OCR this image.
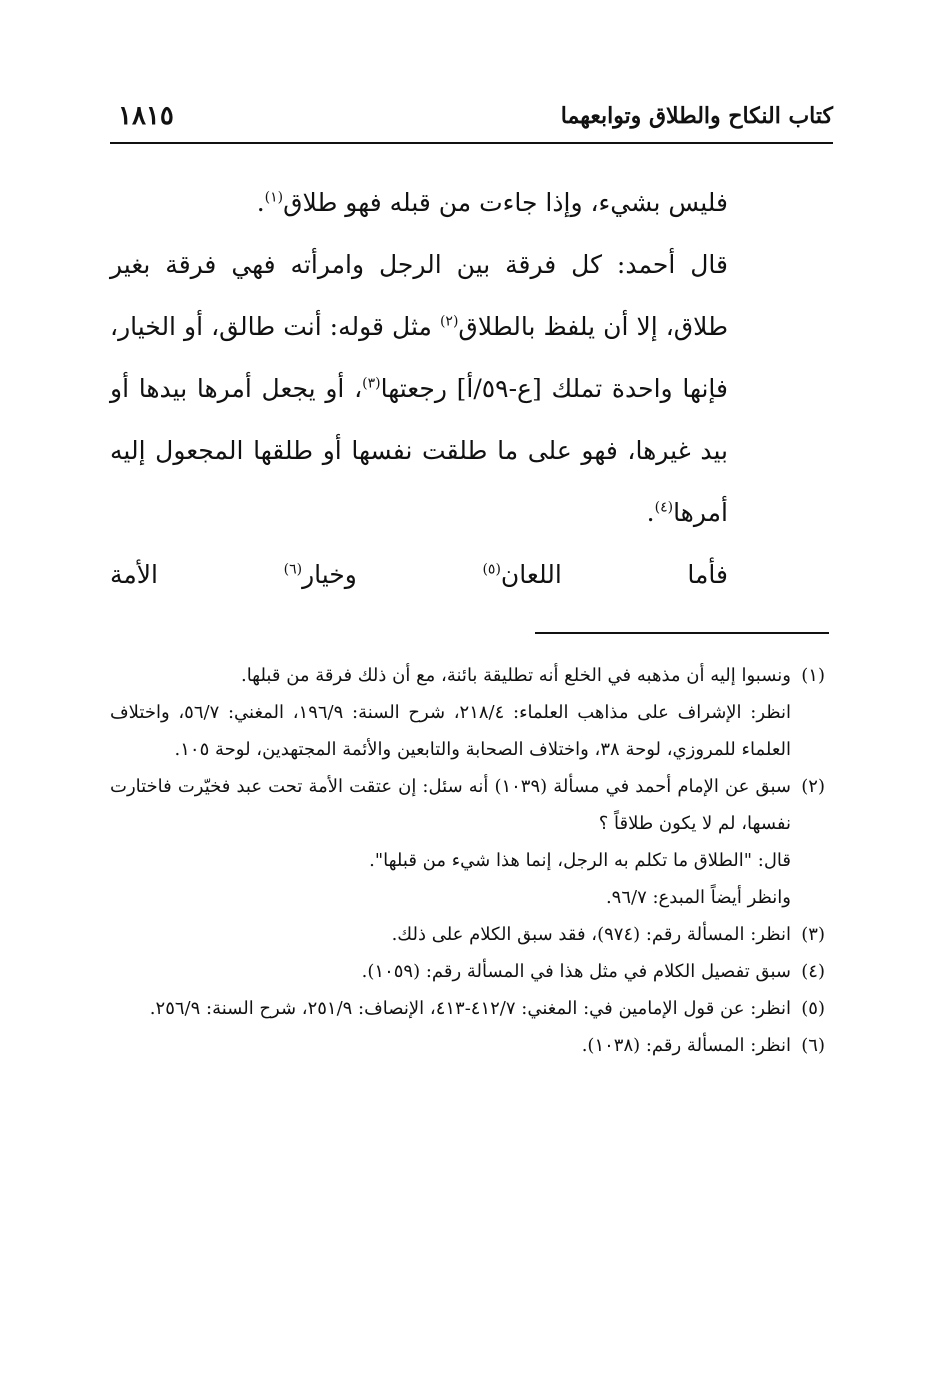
كتاب النكاح والطلاق وتوابعهما
١٨١٥

فليس بشيء، وإذا جاءت من قبله فهو طلاق$^{(١)}$.

قال أحمد: كل فرقة بين الرجل وامرأته فهي فرقة بغير طلاق، إلا أن يلفظ بالطلاق$^{(٢)}$ مثل قوله: أنت طالق، أو الخيار، فإنها واحدة تملك [ع-٥٩/أ] رجعتها$^{(٣)}$، أو يجعل أمرها بيدها أو بيد غيرها، فهو على ما طلقت نفسها أو طلقها المجعول إليه أمرها$^{(٤)}$.

فأما اللعان$^{(٥)}$ وخيار$^{(٦)}$ الأمة

(١)

ونسبوا إليه أن مذهبه في الخلع أنه تطليقة بائنة، مع أن ذلك فرقة من قبلها.

انظر: الإشراف على مذاهب العلماء: ٢١٨/٤، شرح السنة: ١٩٦/٩، المغني: ٥٦/٧، واختلاف العلماء للمروزي، لوحة ٣٨، واختلاف الصحابة والتابعين والأئمة المجتهدين، لوحة ١٠٥.

(٢)

سبق عن الإمام أحمد في مسألة (١٠٣٩) أنه سئل: إن عتقت الأمة تحت عبد فخيّرت فاختارت نفسها، لم لا يكون طلاقاً ؟

قال: "الطلاق ما تكلم به الرجل، إنما هذا شيء من قبلها".

وانظر أيضاً المبدع: ٩٦/٧.

(٣)

انظر: المسألة رقم: (٩٧٤)، فقد سبق الكلام على ذلك.

(٤)

سبق تفصيل الكلام في مثل هذا في المسألة رقم: (١٠٥٩).

(٥)

انظر: عن قول الإمامين في: المغني: ٤١٢/٧-٤١٣، الإنصاف: ٢٥١/٩، شرح السنة: ٢٥٦/٩.

(٦)

انظر: المسألة رقم: (١٠٣٨).
